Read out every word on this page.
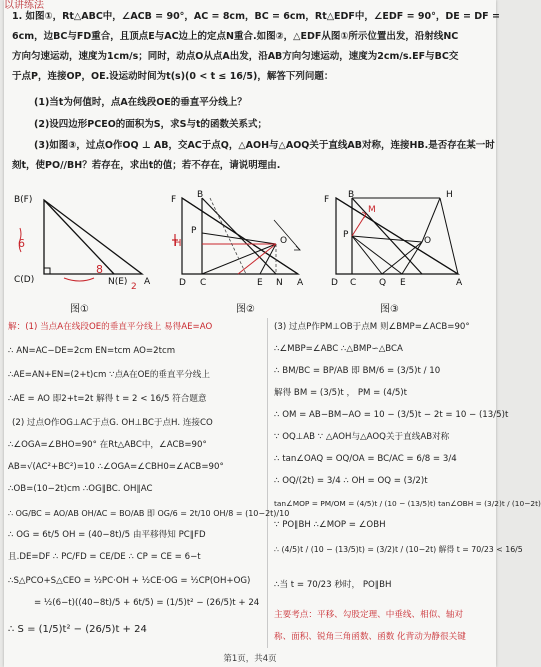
以讲练法
1. 如图①，Rt△ABC中，∠ACB = 90°，AC = 8cm，BC = 6cm，Rt△EDF中，∠EDF = 90°，DE = DF =
6cm，边BC与FD重合，且顶点E与AC边上的定点N重合.如图②，△EDF从图①所示位置出发，沿射线NC
方向匀速运动，速度为1cm/s；同时，动点O从点A出发，沿AB方向匀速运动，速度为2cm/s.EF与BC交
于点P，连接OP，OE.设运动时间为t(s)(0 < t ≤ 16/5)，解答下列问题：
(1)当t为何值时，点A在线段OE的垂直平分线上？
(2)设四边形PCEO的面积为S，求S与t的函数关系式；
(3)如图③，过点O作OQ ⊥ AB，交AC于点Q，△AOH与△AOQ关于直线AB对称，连接HB.是否存在某一时
刻t，使PO//BH？若存在，求出t的值；若不存在，请说明理由.
B(F)
C(D)	N(E) A
6
8
2
图①
F B
P
O
H
D C	E N A
图②
F B
M
P
O
H
D C	Q E	A
图③
解：(1) 当点A在线段OE的垂直平分线上 易得AE=AO
∴ AN=AC−DE=2cm EN=tcm AO=2tcm
∴AE=AN+EN=(2+t)cm ∵点A在OE的垂直平分线上
∴AE = AO 即2+t=2t 解得 t = 2 < 16/5 符合题意
(2) 过点O作OG⊥AC于点G. OH⊥BC于点H. 连接CO
∴∠OGA=∠BHO=90° 在Rt△ABC中，∠ACB=90°
AB=√(AC²+BC²)=10 ∴∠OGA=∠CBH0=∠ACB=90°
∴OB=(10−2t)cm ∴OG∥BC. OH∥AC
∴ OG/BC = AO/AB OH/AC = BO/AB 即 OG/6 = 2t/10 OH/8 = (10−2t)/10
∴ OG = 6t/5 OH = (40−8t)/5 由平移得知 PC∥FD
且.DE=DF ∴ PC/FD = CE/DE ∴ CP = CE = 6−t
∴S△PCO+S△CEO = ½PC·OH + ½CE·OG = ½CP(OH+OG)
= ½(6−t)((40−8t)/5 + 6t/5) = (1/5)t² − (26/5)t + 24
∴ S = (1/5)t² − (26/5)t + 24
(3) 过点P作PM⊥OB于点M 则∠BMP=∠ACB=90°
∴∠MBP=∠ABC ∴△BMP∽△BCA
∴ BM/BC = BP/AB 即 BM/6 = (3/5)t / 10
解得 BM = (3/5)t ， PM = (4/5)t
∴ OM = AB−BM−AO = 10 − (3/5)t − 2t = 10 − (13/5)t
∵ OQ⊥AB ∵ △AOH与△AOQ关于直线AB对称
∴ tan∠OAQ = OQ/OA = BC/AC = 6/8 = 3/4
∴ OQ/(2t) = 3/4 ∴ OH = OQ = (3/2)t
tan∠MOP = PM/OM = (4/5)t / (10 − (13/5)t) tan∠OBH = (3/2)t / (10−2t)
∵ PO∥BH ∴∠MOP = ∠OBH
∴ (4/5)t / (10 − (13/5)t) = (3/2)t / (10−2t) 解得 t = 70/23 < 16/5
∴当 t = 70/23 秒时， PO∥BH
主要考点：平移、勾股定理、中垂线、相似、轴对
称、面积、锐角三角函数、函数 化背动为静很关键
第1页，共4页
